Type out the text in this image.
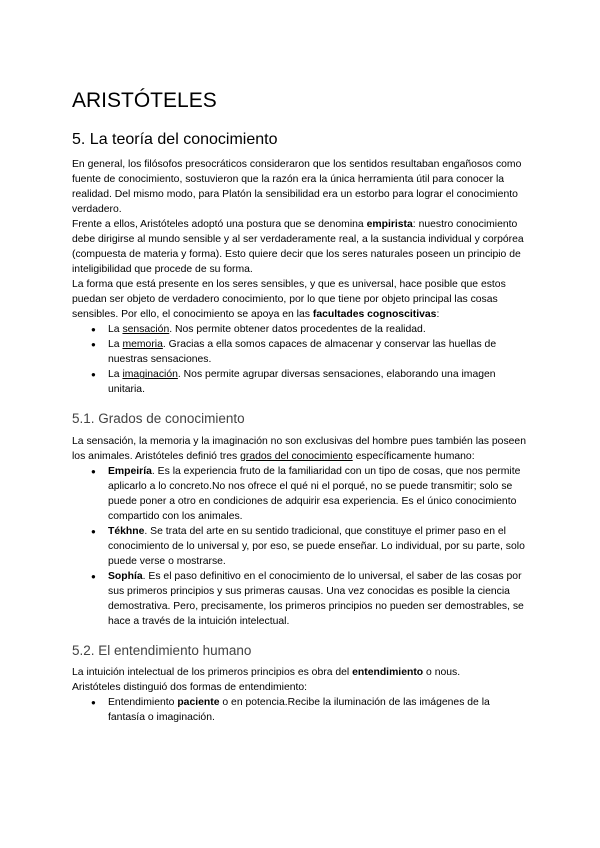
ARISTÓTELES
5. La teoría del conocimiento

En general, los filósofos presocráticos consideraron que los sentidos resultaban engañosos como fuente de conocimiento, sostuvieron que la razón era la única herramienta útil para conocer la realidad. Del mismo modo, para Platón la sensibilidad era un estorbo para lograr el conocimiento verdadero.

Frente a ellos, Aristóteles adoptó una postura que se denomina empirista: nuestro conocimiento debe dirigirse al mundo sensible y al ser verdaderamente real, a la sustancia individual y corpórea (compuesta de materia y forma). Esto quiere decir que los seres naturales poseen un principio de inteligibilidad que procede de su forma.

La forma que está presente en los seres sensibles, y que es universal, hace posible que estos puedan ser objeto de verdadero conocimiento, por lo que tiene por objeto principal las cosas sensibles. Por ello, el conocimiento se apoya en las facultades cognoscitivas:

● La sensación. Nos permite obtener datos procedentes de la realidad.
● La memoria. Gracias a ella somos capaces de almacenar y conservar las huellas de nuestras sensaciones.
● La imaginación. Nos permite agrupar diversas sensaciones, elaborando una imagen unitaria.
5.1. Grados de conocimiento

La sensación, la memoria y la imaginación no son exclusivas del hombre pues también las poseen los animales. Aristóteles definió tres grados del conocimiento específicamente humano:

● Empeiría. Es la experiencia fruto de la familiaridad con un tipo de cosas, que nos permite aplicarlo a lo concreto.No nos ofrece el qué ni el porqué, no se puede transmitir; solo se puede poner a otro en condiciones de adquirir esa experiencia. Es el único conocimiento compartido con los animales.
● Tékhne. Se trata del arte en su sentido tradicional, que constituye el primer paso en el conocimiento de lo universal y, por eso, se puede enseñar. Lo individual, por su parte, solo puede verse o mostrarse.
● Sophía. Es el paso definitivo en el conocimiento de lo universal, el saber de las cosas por sus primeros principios y sus primeras causas. Una vez conocidas es posible la ciencia demostrativa. Pero, precisamente, los primeros principios no pueden ser demostrables, se hace a través de la intuición intelectual.
5.2. El entendimiento humano

La intuición intelectual de los primeros principios es obra del entendimiento o nous.

Aristóteles distinguió dos formas de entendimiento:

● Entendimiento paciente o en potencia.Recibe la iluminación de las imágenes de la fantasía o imaginación.
